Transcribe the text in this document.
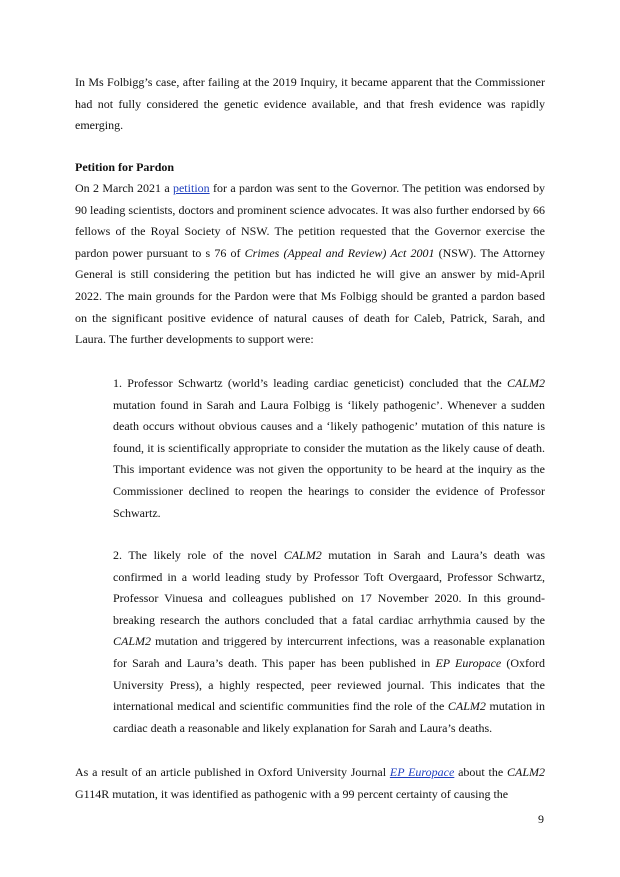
In Ms Folbigg’s case, after failing at the 2019 Inquiry, it became apparent that the Commissioner had not fully considered the genetic evidence available, and that fresh evidence was rapidly emerging.

Petition for Pardon

On 2 March 2021 a petition for a pardon was sent to the Governor. The petition was endorsed by 90 leading scientists, doctors and prominent science advocates. It was also further endorsed by 66 fellows of the Royal Society of NSW. The petition requested that the Governor exercise the pardon power pursuant to s 76 of Crimes (Appeal and Review) Act 2001 (NSW). The Attorney General is still considering the petition but has indicted he will give an answer by mid-April 2022. The main grounds for the Pardon were that Ms Folbigg should be granted a pardon based on the significant positive evidence of natural causes of death for Caleb, Patrick, Sarah, and Laura. The further developments to support were:

1. Professor Schwartz (world’s leading cardiac geneticist) concluded that the CALM2 mutation found in Sarah and Laura Folbigg is ‘likely pathogenic’. Whenever a sudden death occurs without obvious causes and a ‘likely pathogenic’ mutation of this nature is found, it is scientifically appropriate to consider the mutation as the likely cause of death. This important evidence was not given the opportunity to be heard at the inquiry as the Commissioner declined to reopen the hearings to consider the evidence of Professor Schwartz.

2. The likely role of the novel CALM2 mutation in Sarah and Laura’s death was confirmed in a world leading study by Professor Toft Overgaard, Professor Schwartz, Professor Vinuesa and colleagues published on 17 November 2020. In this ground-breaking research the authors concluded that a fatal cardiac arrhythmia caused by the CALM2 mutation and triggered by intercurrent infections, was a reasonable explanation for Sarah and Laura’s death. This paper has been published in EP Europace (Oxford University Press), a highly respected, peer reviewed journal. This indicates that the international medical and scientific communities find the role of the CALM2 mutation in cardiac death a reasonable and likely explanation for Sarah and Laura’s deaths.

As a result of an article published in Oxford University Journal EP Europace about the CALM2 G114R mutation, it was identified as pathogenic with a 99 percent certainty of causing the

9
